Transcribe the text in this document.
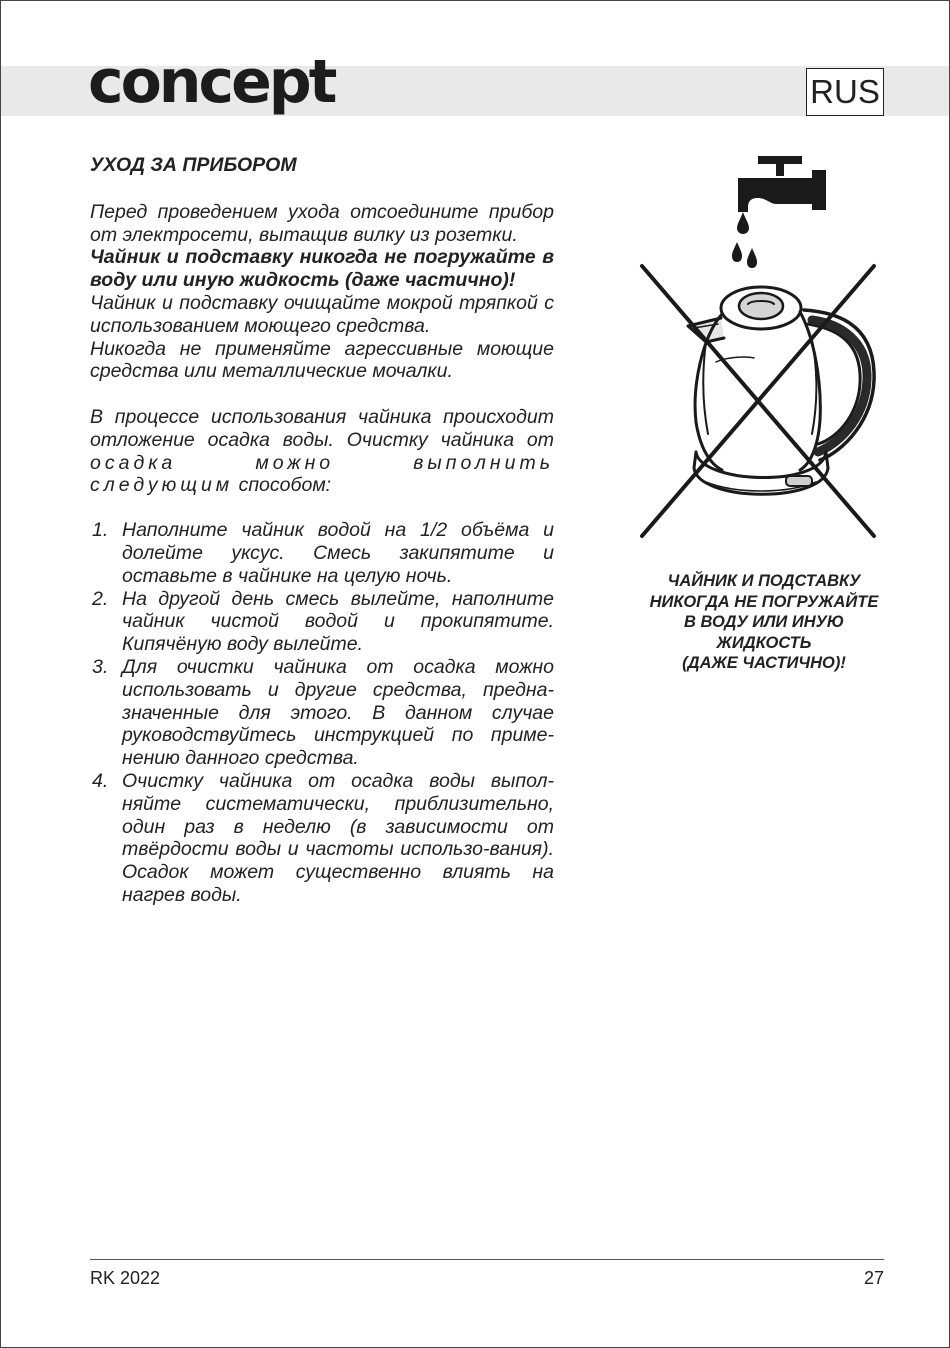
concept	RUS
УХОД ЗА ПРИБОРОМ

Перед проведением ухода отсоедините прибор от электросети, вытащив вилку из розетки.

Чайник и подставку никогда не погружайте в воду или иную жидкость (даже частично)!

Чайник и подставку очищайте мокрой тряпкой с использованием моющего средства.

Никогда не применяйте агрессивные моющие средства или металлические мочалки.

В процессе использования чайника происходит отложение осадка воды. Очистку чайника от осадка можно выполнить следующим способом:

1. Наполните чайник водой на 1/2 объёма и долейте уксус. Смесь закипятите и оставьте в чайнике на целую ночь.
2. На другой день смесь вылейте, наполните чайник чистой водой и прокипятите. Кипячёную воду вылейте.
3. Для очистки чайника от осадка можно использовать и другие средства, предна-значенные для этого. В данном случае руководствуйтесь инструкцией по приме-нению данного средства.
4. Очистку чайника от осадка воды выпол-няйте систематически, приблизительно, один раз в неделю (в зависимости от твёрдости воды и частоты использо-вания). Осадок может существенно влиять на нагрев воды.
ЧАЙНИК И ПОДСТАВКУ
НИКОГДА НЕ ПОГРУЖАЙТЕ
В ВОДУ ИЛИ ИНУЮ
ЖИДКОСТЬ
(ДАЖЕ ЧАСТИЧНО)!
RK 2022	27
